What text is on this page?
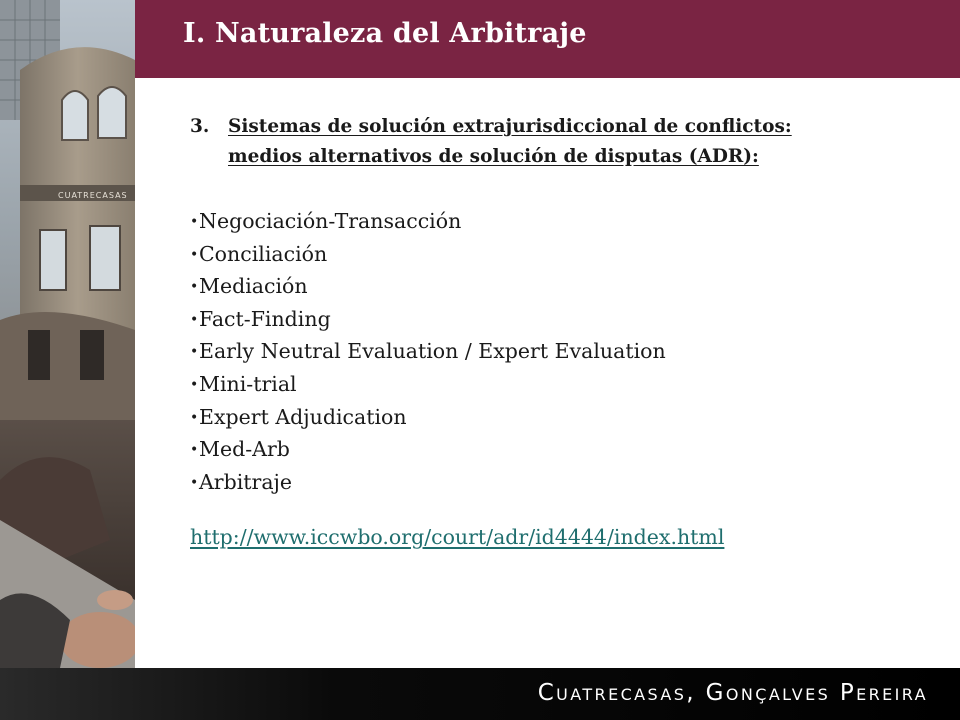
CUATRECASAS
I. Naturaleza del Arbitraje
3. Sistemas de solución extrajurisdiccional de conflictos:
medios alternativos de solución de disputas (ADR):
•Negociación-Transacción
•Conciliación
•Mediación
•Fact-Finding
•Early Neutral Evaluation / Expert Evaluation
•Mini-trial
•Expert Adjudication
•Med-Arb
•Arbitraje
http://www.iccwbo.org/court/adr/id4444/index.html
Cuatrecasas, Gonçalves Pereira
